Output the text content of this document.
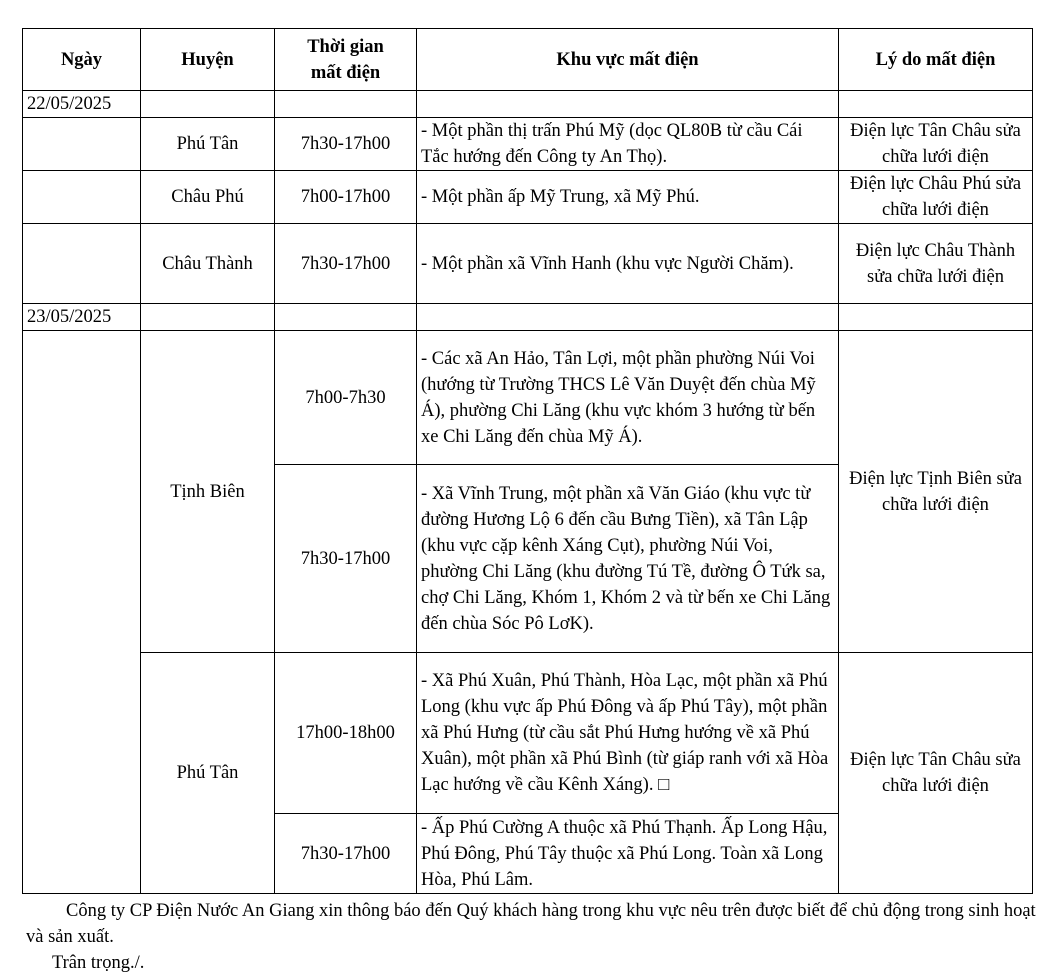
Ngày	Huyện	Thời gian
mất điện	Khu vực mất điện	Lý do mất điện
22/05/2025				
	Phú Tân	7h30-17h00	- Một phần thị trấn Phú Mỹ (dọc QL80B từ cầu Cái Tắc hướng đến Công ty An Thọ).	Điện lực Tân Châu sửa chữa lưới điện
	Châu Phú	7h00-17h00	- Một phần ấp Mỹ Trung, xã Mỹ Phú.	Điện lực Châu Phú sửa chữa lưới điện
	Châu Thành	7h30-17h00	- Một phần xã Vĩnh Hanh (khu vực Người Chăm).	Điện lực Châu Thành sửa chữa lưới điện
23/05/2025				
	Tịnh Biên	7h00-7h30	- Các xã An Hảo, Tân Lợi, một phần phường Núi Voi (hướng từ Trường THCS Lê Văn Duyệt đến chùa Mỹ Á), phường Chi Lăng (khu vực khóm 3 hướng từ bến xe Chi Lăng đến chùa Mỹ Á).	Điện lực Tịnh Biên sửa chữa lưới điện
		7h30-17h00	- Xã Vĩnh Trung, một phần xã Văn Giáo (khu vực từ đường Hương Lộ 6 đến cầu Bưng Tiền), xã Tân Lập (khu vực cặp kênh Xáng Cụt), phường Núi Voi, phường Chi Lăng (khu đường Tú Tề, đường Ô Tứk sa, chợ Chi Lăng, Khóm 1, Khóm 2 và từ bến xe Chi Lăng đến chùa Sóc Pô LơK).	
	Phú Tân	17h00-18h00	- Xã Phú Xuân, Phú Thành, Hòa Lạc, một phần xã Phú Long (khu vực ấp Phú Đông và ấp Phú Tây), một phần xã Phú Hưng (từ cầu sắt Phú Hưng hướng về xã Phú Xuân), một phần xã Phú Bình (từ giáp ranh với xã Hòa Lạc hướng về cầu Kênh Xáng). □	Điện lực Tân Châu sửa chữa lưới điện
		7h30-17h00	- Ấp Phú Cường A thuộc xã Phú Thạnh. Ấp Long Hậu, Phú Đông, Phú Tây thuộc xã Phú Long. Toàn xã Long Hòa, Phú Lâm.	
Công ty CP Điện Nước An Giang xin thông báo đến Quý khách hàng trong khu vực nêu trên được biết để chủ động trong sinh hoạt và sản xuất.
Trân trọng./.
